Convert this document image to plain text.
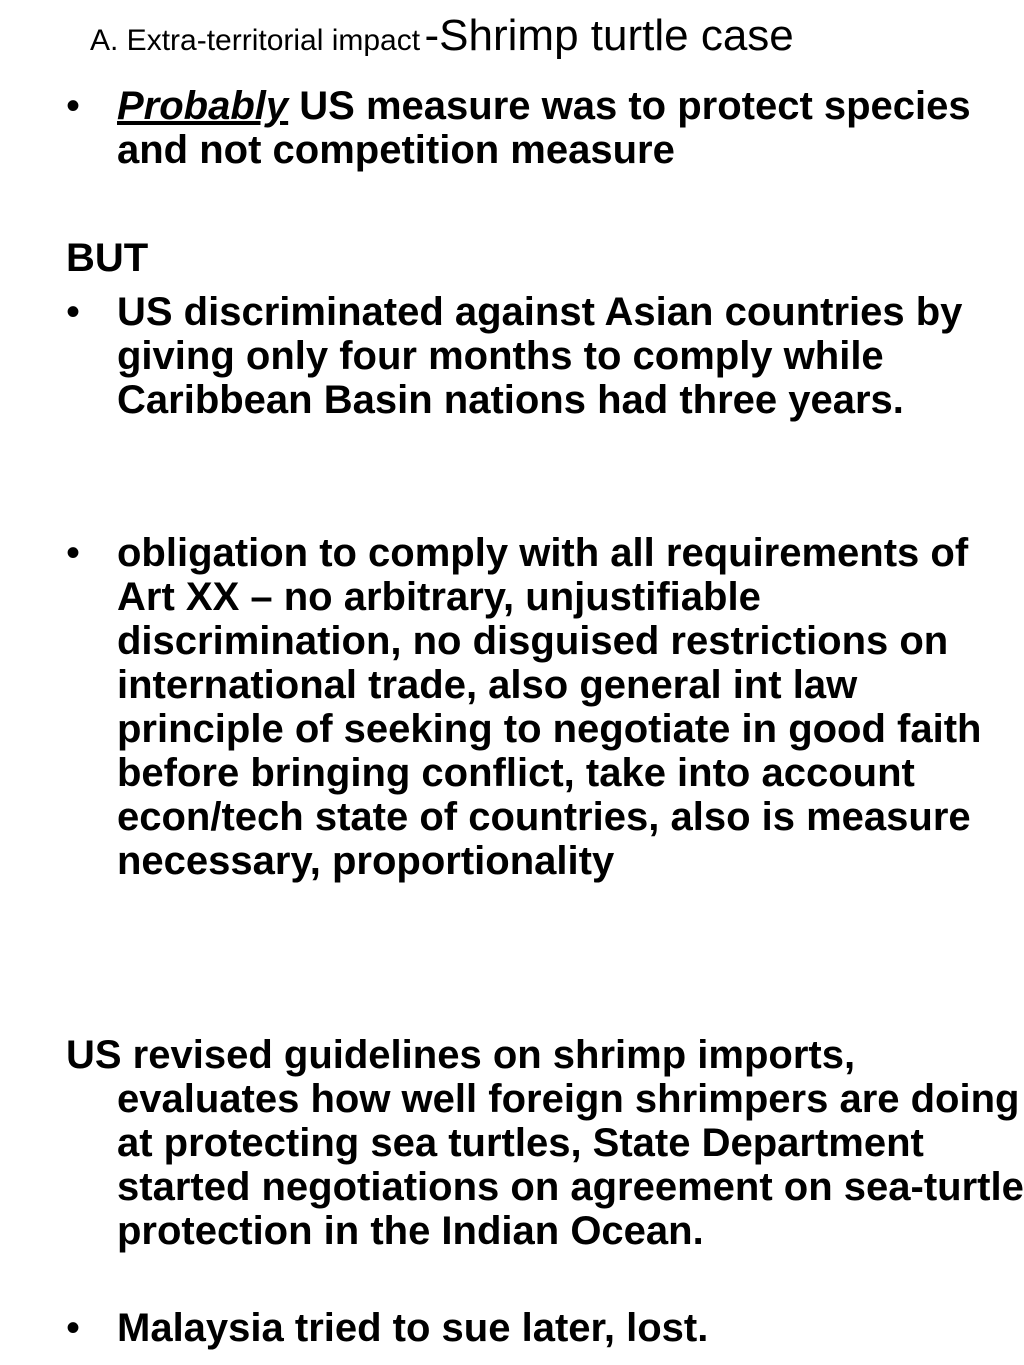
A. Extra-territorial impact -Shrimp turtle case
• Probably US measure was to protect species and not competition measure
BUT
• US discriminated against Asian countries by giving only four months to comply while Caribbean Basin nations had three years.
• obligation to comply with all requirements of Art XX – no arbitrary, unjustifiable discrimination, no disguised restrictions on international trade, also general int law principle of seeking to negotiate in good faith before bringing conflict, take into account econ/tech state of countries, also is measure necessary, proportionality
US revised guidelines on shrimp imports, evaluates how well foreign shrimpers are doing at protecting sea turtles, State Department started negotiations on agreement on sea-turtle protection in the Indian Ocean.
• Malaysia tried to sue later, lost.
